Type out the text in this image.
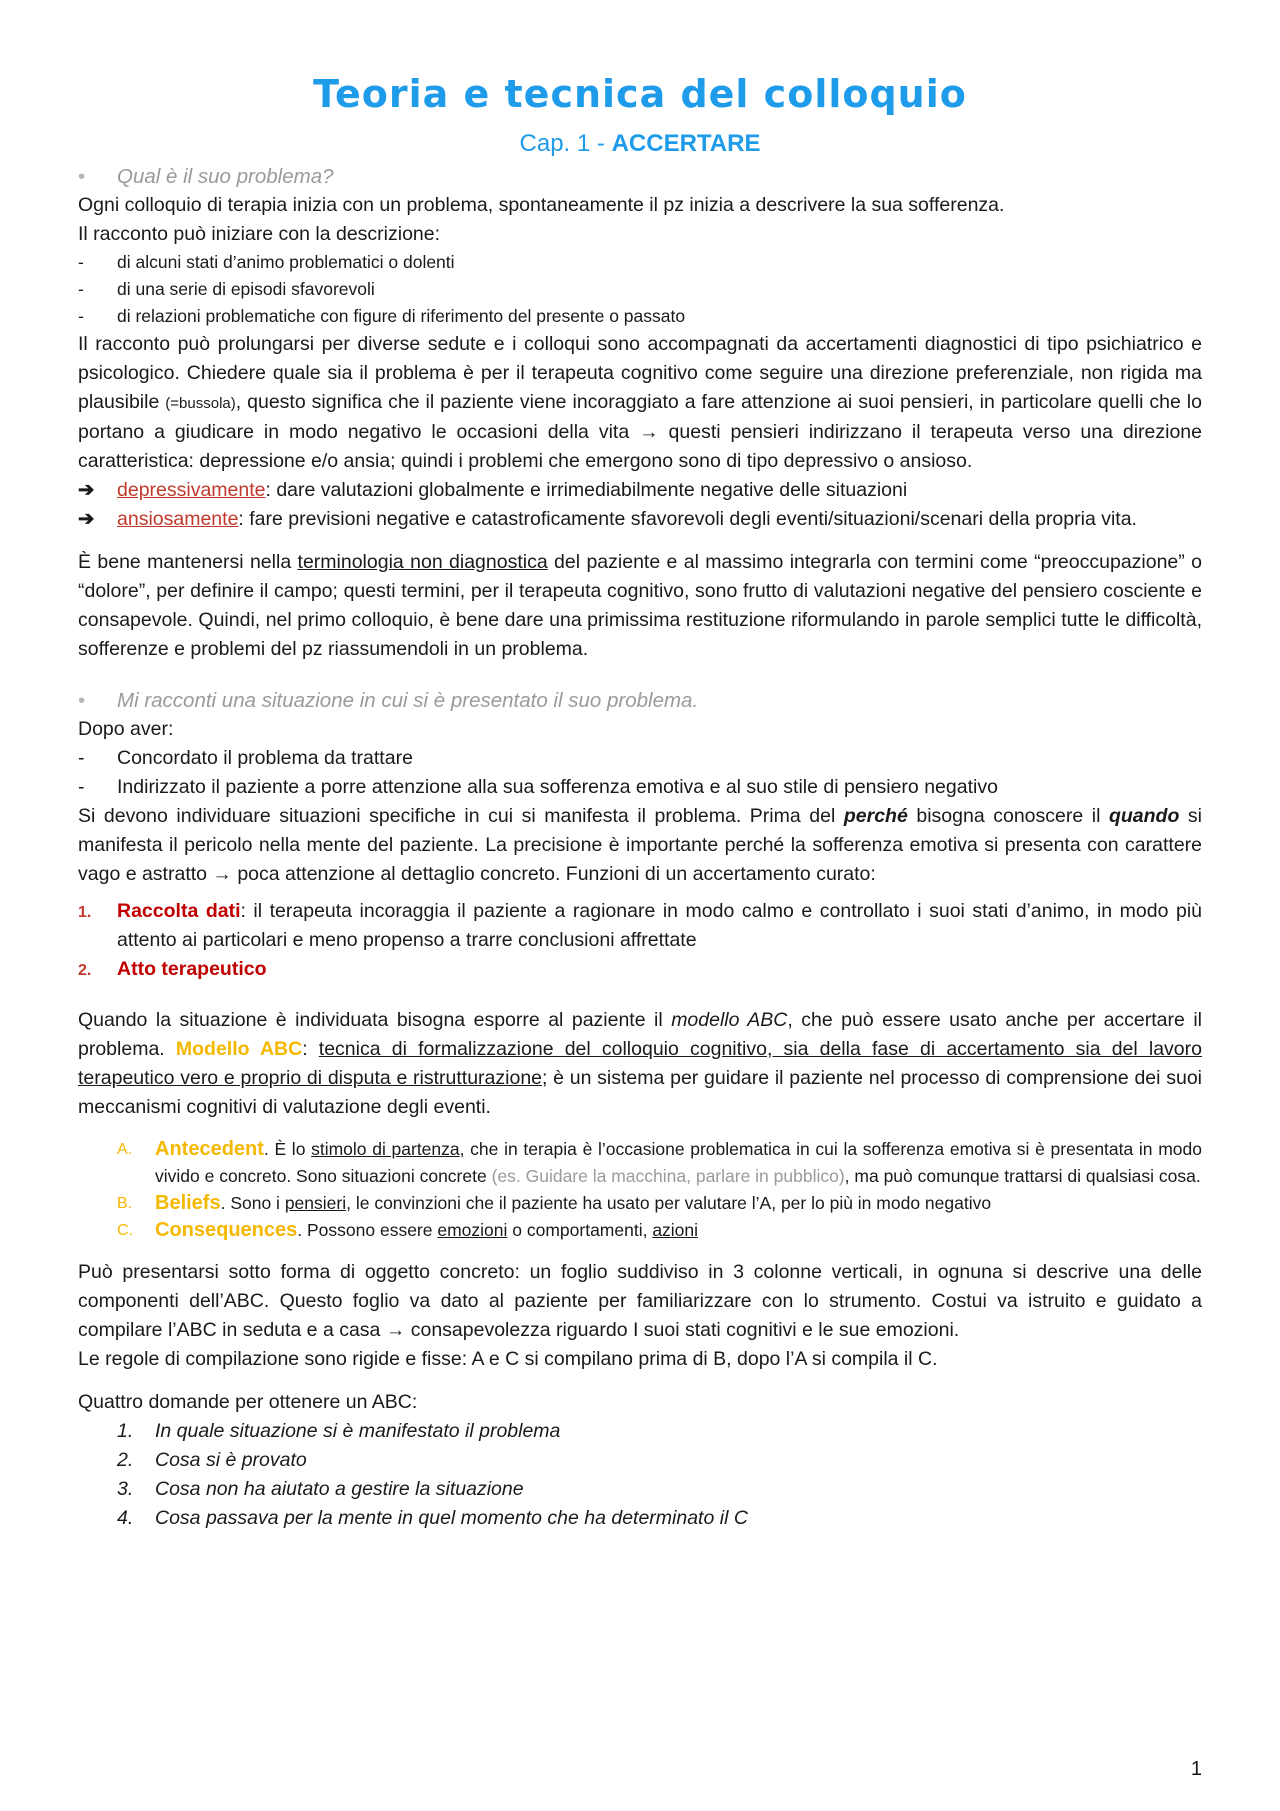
Teoria e tecnica del colloquio
Cap. 1 - ACCERTARE
• Qual è il suo problema?

Ogni colloquio di terapia inizia con un problema, spontaneamente il pz inizia a descrivere la sua sofferenza.

Il racconto può iniziare con la descrizione:

- di alcuni stati d’animo problematici o dolenti
- di una serie di episodi sfavorevoli
- di relazioni problematiche con figure di riferimento del presente o passato

Il racconto può prolungarsi per diverse sedute e i colloqui sono accompagnati da accertamenti diagnostici di tipo psichiatrico e psicologico. Chiedere quale sia il problema è per il terapeuta cognitivo come seguire una direzione preferenziale, non rigida ma plausibile (=bussola), questo significa che il paziente viene incoraggiato a fare attenzione ai suoi pensieri, in particolare quelli che lo portano a giudicare in modo negativo le occasioni della vita → questi pensieri indirizzano il terapeuta verso una direzione caratteristica: depressione e/o ansia; quindi i problemi che emergono sono di tipo depressivo o ansioso.

➔ depressivamente: dare valutazioni globalmente e irrimediabilmente negative delle situazioni
➔ ansiosamente: fare previsioni negative e catastroficamente sfavorevoli degli eventi/situazioni/scenari della propria vita.

È bene mantenersi nella terminologia non diagnostica del paziente e al massimo integrarla con termini come “preoccupazione” o “dolore”, per definire il campo; questi termini, per il terapeuta cognitivo, sono frutto di valutazioni negative del pensiero cosciente e consapevole. Quindi, nel primo colloquio, è bene dare una primissima restituzione riformulando in parole semplici tutte le difficoltà, sofferenze e problemi del pz riassumendoli in un problema.

• Mi racconti una situazione in cui si è presentato il suo problema.

Dopo aver:

- Concordato il problema da trattare
- Indirizzato il paziente a porre attenzione alla sua sofferenza emotiva e al suo stile di pensiero negativo

Si devono individuare situazioni specifiche in cui si manifesta il problema. Prima del perché bisogna conoscere il quando si manifesta il pericolo nella mente del paziente. La precisione è importante perché la sofferenza emotiva si presenta con carattere vago e astratto → poca attenzione al dettaglio concreto. Funzioni di un accertamento curato:

1. Raccolta dati: il terapeuta incoraggia il paziente a ragionare in modo calmo e controllato i suoi stati d’animo, in modo più attento ai particolari e meno propenso a trarre conclusioni affrettate
2. Atto terapeutico

Quando la situazione è individuata bisogna esporre al paziente il modello ABC, che può essere usato anche per accertare il problema. Modello ABC: tecnica di formalizzazione del colloquio cognitivo, sia della fase di accertamento sia del lavoro terapeutico vero e proprio di disputa e ristrutturazione; è un sistema per guidare il paziente nel processo di comprensione dei suoi meccanismi cognitivi di valutazione degli eventi.

A. Antecedent. È lo stimolo di partenza, che in terapia è l’occasione problematica in cui la sofferenza emotiva si è presentata in modo vivido e concreto. Sono situazioni concrete (es. Guidare la macchina, parlare in pubblico), ma può comunque trattarsi di qualsiasi cosa.
B. Beliefs. Sono i pensieri, le convinzioni che il paziente ha usato per valutare l’A, per lo più in modo negativo
C. Consequences. Possono essere emozioni o comportamenti, azioni

Può presentarsi sotto forma di oggetto concreto: un foglio suddiviso in 3 colonne verticali, in ognuna si descrive una delle componenti dell’ABC. Questo foglio va dato al paziente per familiarizzare con lo strumento. Costui va istruito e guidato a compilare l’ABC in seduta e a casa → consapevolezza riguardo I suoi stati cognitivi e le sue emozioni.

Le regole di compilazione sono rigide e fisse: A e C si compilano prima di B, dopo l’A si compila il C.

Quattro domande per ottenere un ABC:

1. In quale situazione si è manifestato il problema
2. Cosa si è provato
3. Cosa non ha aiutato a gestire la situazione
4. Cosa passava per la mente in quel momento che ha determinato il C
1
